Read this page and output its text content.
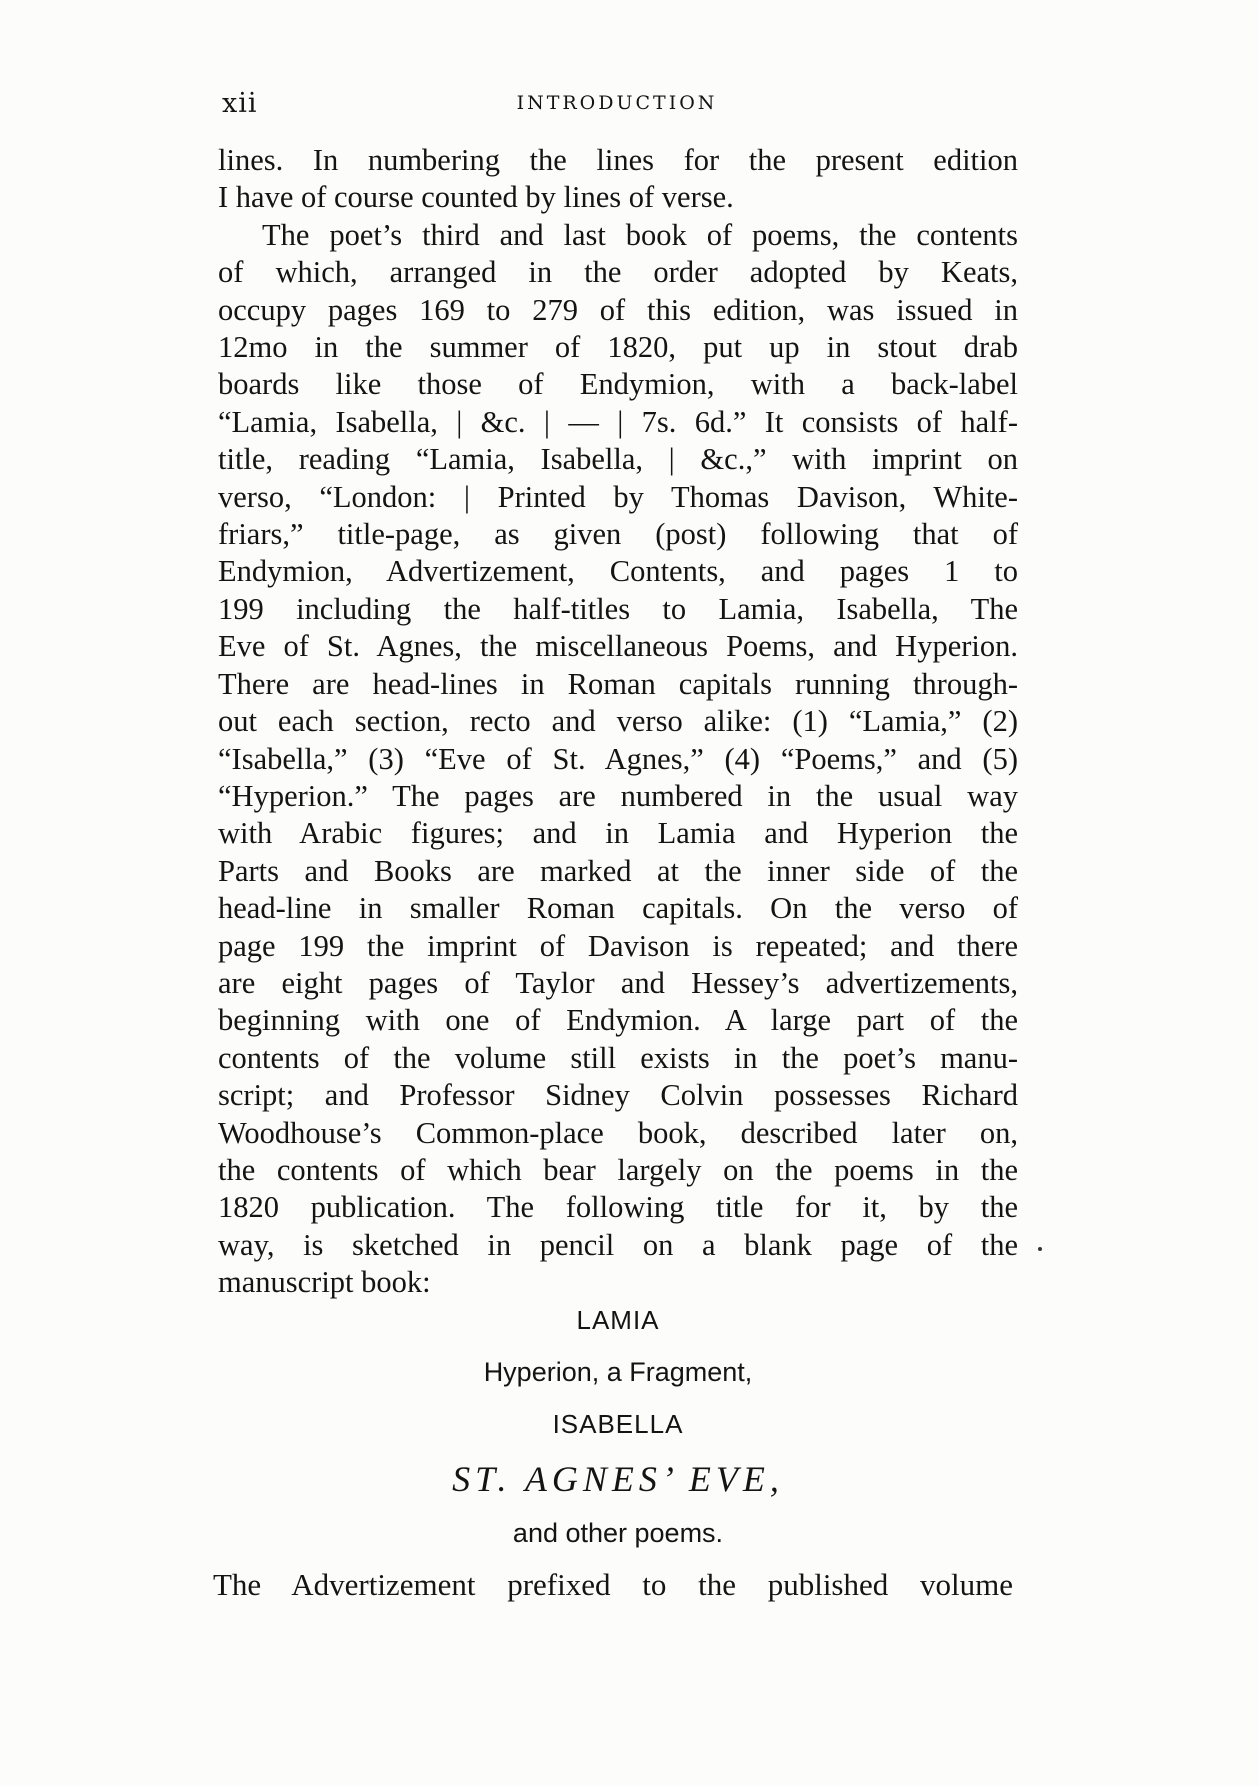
xii	INTRODUCTION
lines. In numbering the lines for the present edition
I have of course counted by lines of verse.
The poet’s third and last book of poems, the contents
of which, arranged in the order adopted by Keats,
occupy pages 169 to 279 of this edition, was issued in
12mo in the summer of 1820, put up in stout drab
boards like those of Endymion, with a back-label
“Lamia, Isabella, | &c. | — | 7s. 6d.” It consists of half-
title, reading “Lamia, Isabella, | &c.,” with imprint on
verso, “London: | Printed by Thomas Davison, White-
friars,” title-page, as given (post) following that of
Endymion, Advertizement, Contents, and pages 1 to
199 including the half-titles to Lamia, Isabella, The
Eve of St. Agnes, the miscellaneous Poems, and Hyperion.
There are head-lines in Roman capitals running through-
out each section, recto and verso alike: (1) “Lamia,” (2)
“Isabella,” (3) “Eve of St. Agnes,” (4) “Poems,” and (5)
“Hyperion.” The pages are numbered in the usual way
with Arabic figures; and in Lamia and Hyperion the
Parts and Books are marked at the inner side of the
head-line in smaller Roman capitals. On the verso of
page 199 the imprint of Davison is repeated; and there
are eight pages of Taylor and Hessey’s advertizements,
beginning with one of Endymion. A large part of the
contents of the volume still exists in the poet’s manu-
script; and Professor Sidney Colvin possesses Richard
Woodhouse’s Common-place book, described later on,
the contents of which bear largely on the poems in the
1820 publication. The following title for it, by the
way, is sketched in pencil on a blank page of the
manuscript book:
LAMIA
Hyperion, a Fragment,
ISABELLA
ST. AGNES’ EVE,
and other poems.
The Advertizement prefixed to the published volume
